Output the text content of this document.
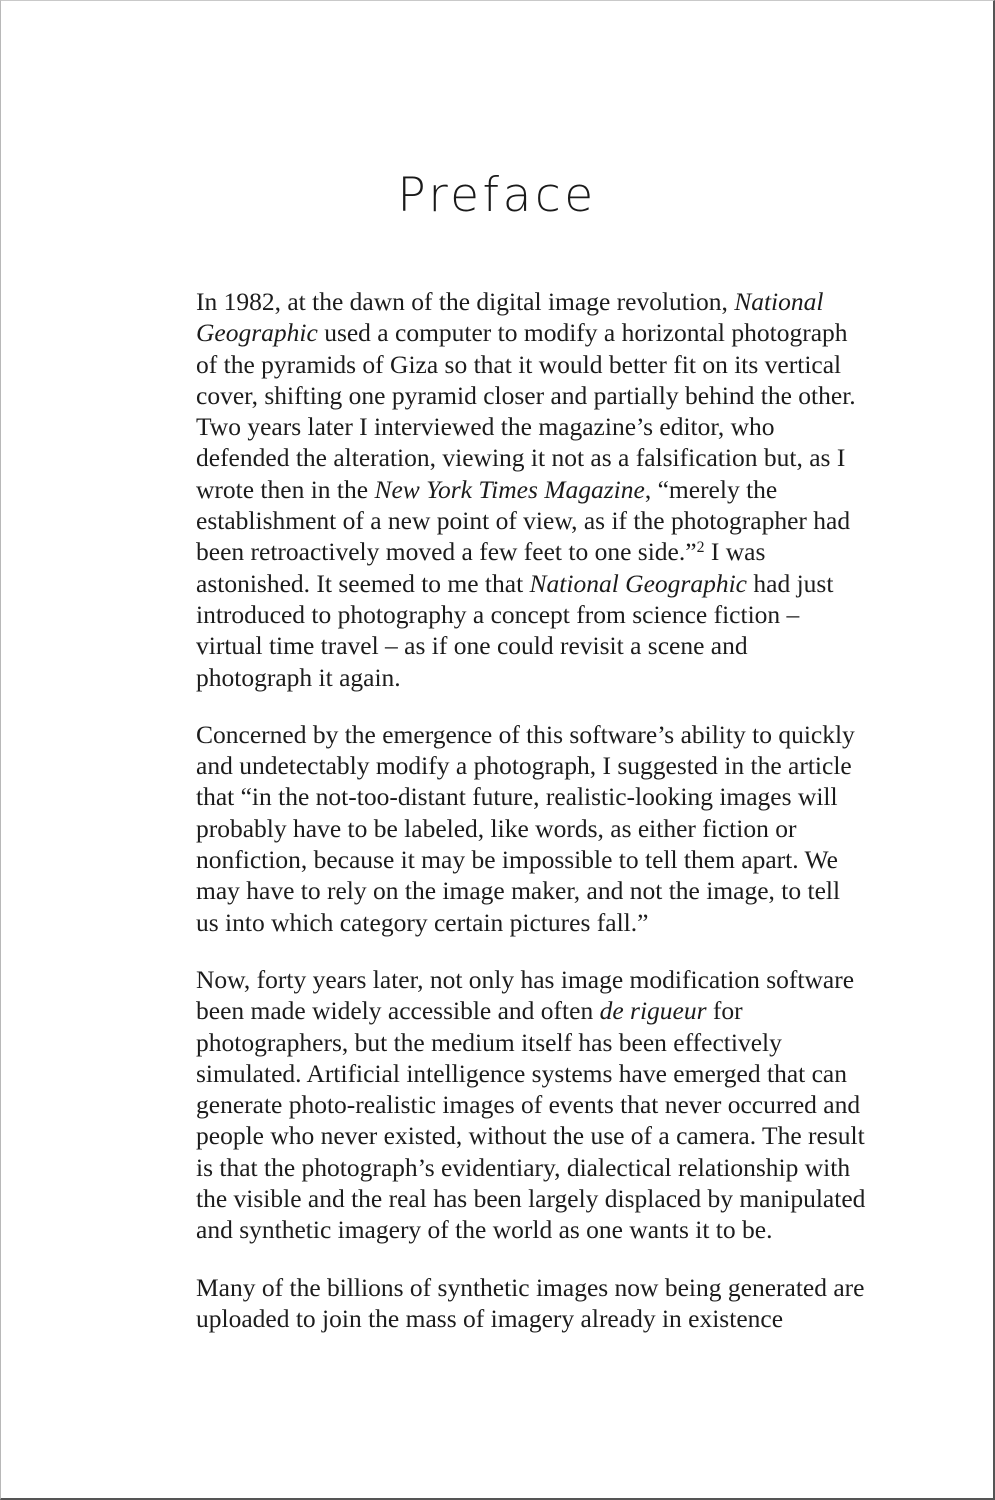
Preface

In 1982, at the dawn of the digital image revolution, National Geographic used a computer to modify a horizontal photograph of the pyramids of Giza so that it would better fit on its vertical cover, shifting one pyramid closer and partially behind the other. Two years later I interviewed the magazine’s editor, who defended the alteration, viewing it not as a falsification but, as I wrote then in the New York Times Magazine, “merely the establishment of a new point of view, as if the photographer had been retroactively moved a few feet to one side.”$^2$ I was astonished. It seemed to me that National Geographic had just introduced to photography a concept from science fiction – virtual time travel – as if one could revisit a scene and photograph it again.

Concerned by the emergence of this software’s ability to quickly and undetectably modify a photograph, I suggested in the article that “in the not-too-distant future, realistic-looking images will probably have to be labeled, like words, as either fiction or nonfiction, because it may be impossible to tell them apart. We may have to rely on the image maker, and not the image, to tell us into which category certain pictures fall.”

Now, forty years later, not only has image modification software been made widely accessible and often de rigueur for photographers, but the medium itself has been effectively simulated. Artificial intelligence systems have emerged that can generate photo-realistic images of events that never occurred and people who never existed, without the use of a camera. The result is that the photograph’s evidentiary, dialectical relationship with the visible and the real has been largely displaced by manipulated and synthetic imagery of the world as one wants it to be.

Many of the billions of synthetic images now being generated are uploaded to join the mass of imagery already in existence
